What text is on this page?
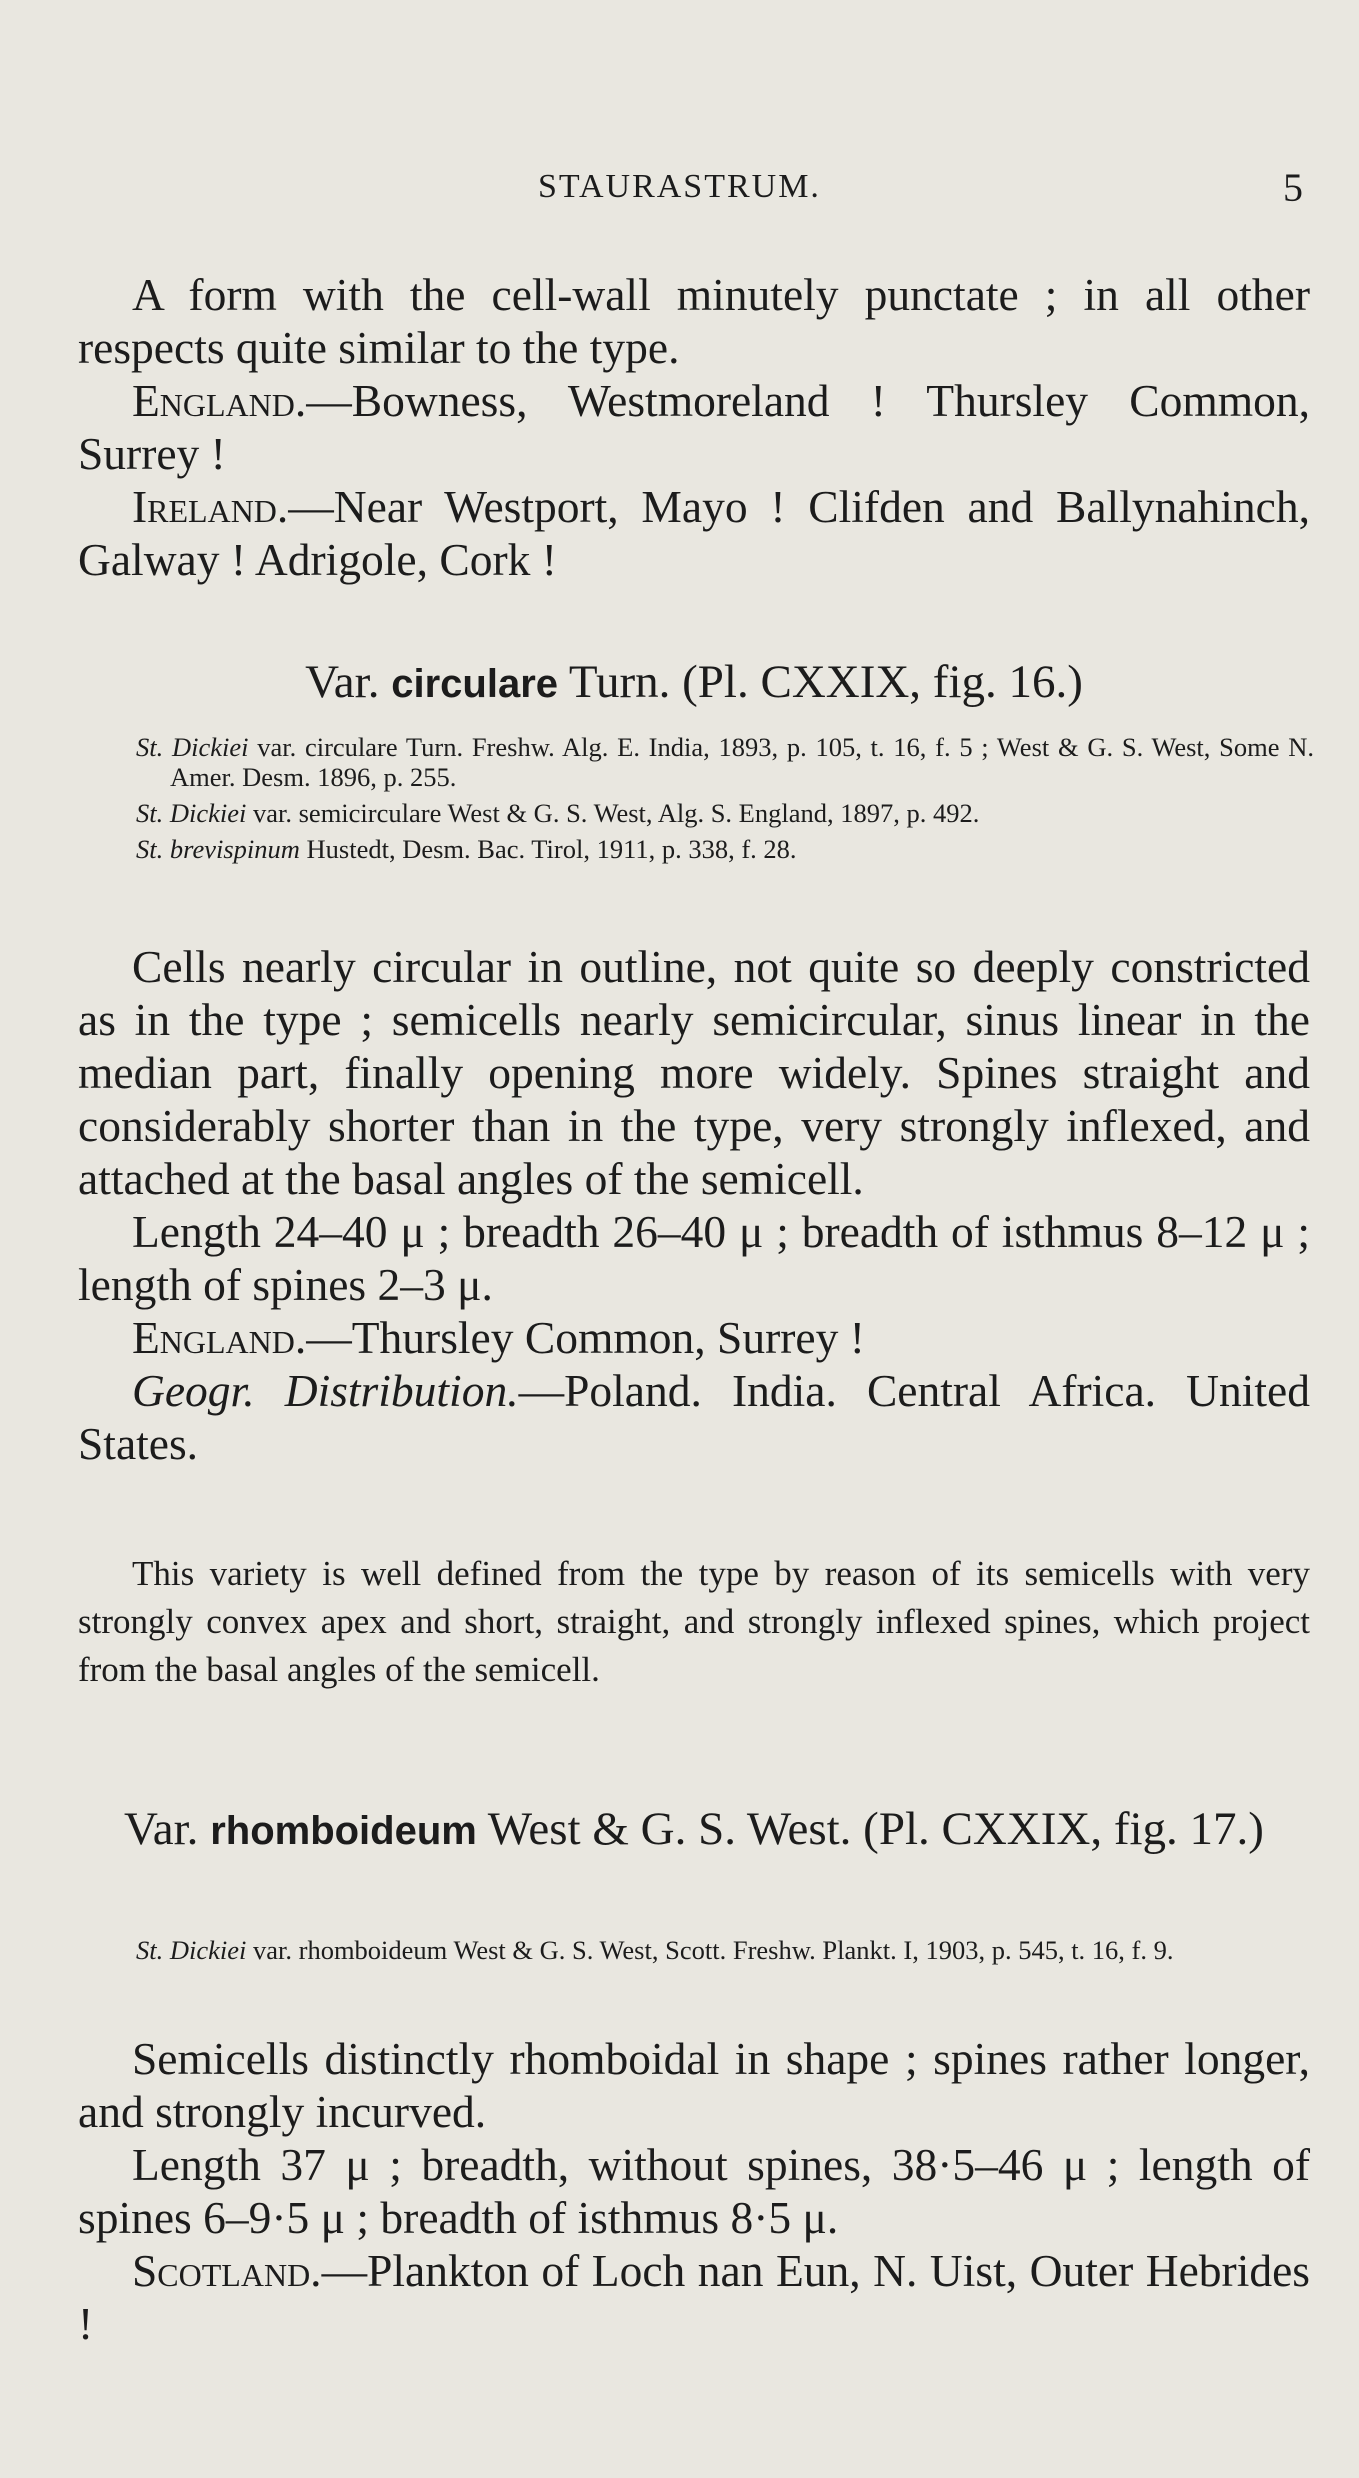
STAURASTRUM.	5

A form with the cell-wall minutely punctate ; in all other respects quite similar to the type.

England.—Bowness, Westmoreland ! Thursley Common, Surrey !

Ireland.—Near Westport, Mayo ! Clifden and Ballynahinch, Galway ! Adrigole, Cork !

Var. circulare Turn. (Pl. CXXIX, fig. 16.)

St. Dickiei var. circulare Turn. Freshw. Alg. E. India, 1893, p. 105, t. 16, f. 5 ; West & G. S. West, Some N. Amer. Desm. 1896, p. 255.

St. Dickiei var. semicirculare West & G. S. West, Alg. S. England, 1897, p. 492.

St. brevispinum Hustedt, Desm. Bac. Tirol, 1911, p. 338, f. 28.

Cells nearly circular in outline, not quite so deeply constricted as in the type ; semicells nearly semicircular, sinus linear in the median part, finally opening more widely. Spines straight and considerably shorter than in the type, very strongly inflexed, and attached at the basal angles of the semicell.

Length 24–40 μ ; breadth 26–40 μ ; breadth of isthmus 8–12 μ ; length of spines 2–3 μ.

England.—Thursley Common, Surrey !

Geogr. Distribution.—Poland. India. Central Africa. United States.

This variety is well defined from the type by reason of its semicells with very strongly convex apex and short, straight, and strongly inflexed spines, which project from the basal angles of the semicell.

Var. rhomboideum West & G. S. West. (Pl. CXXIX, fig. 17.)

St. Dickiei var. rhomboideum West & G. S. West, Scott. Freshw. Plankt. I, 1903, p. 545, t. 16, f. 9.

Semicells distinctly rhomboidal in shape ; spines rather longer, and strongly incurved.

Length 37 μ ; breadth, without spines, 38·5–46 μ ; length of spines 6–9·5 μ ; breadth of isthmus 8·5 μ.

Scotland.—Plankton of Loch nan Eun, N. Uist, Outer Hebrides !
